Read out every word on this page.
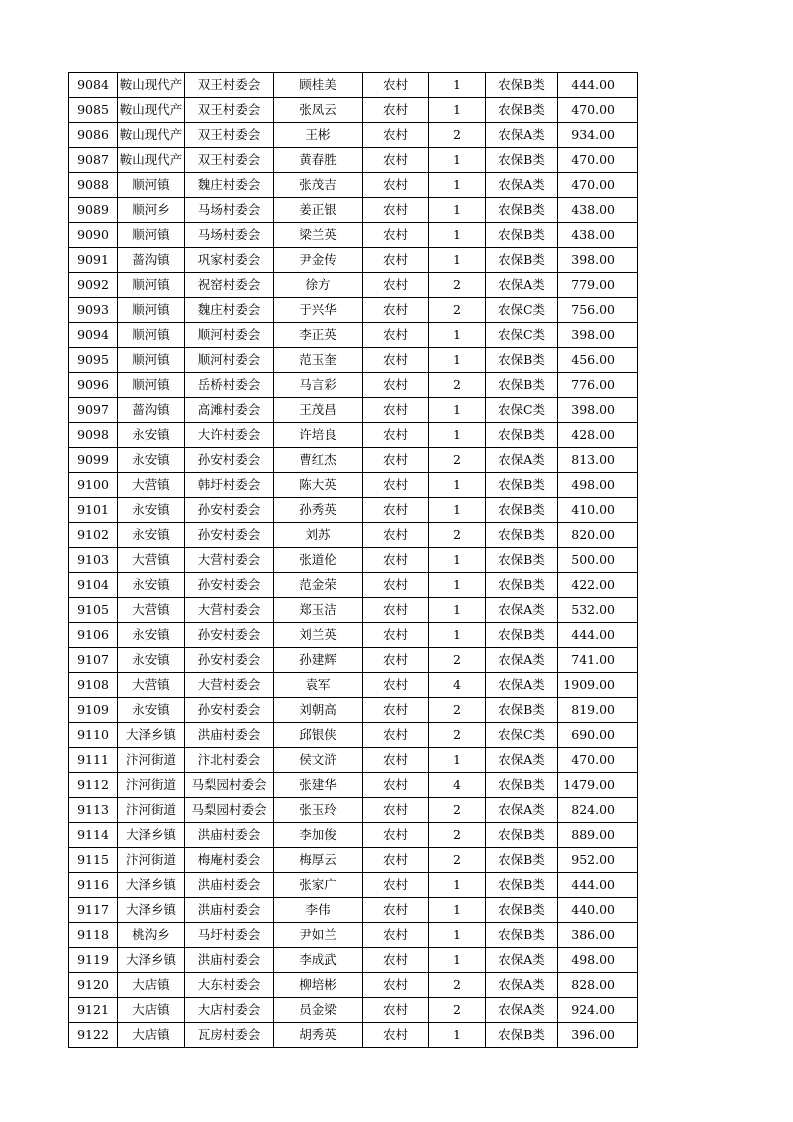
9084	鞍山现代产	双王村委会	顾桂美	农村	1	农保B类	444.00
9085	鞍山现代产	双王村委会	张凤云	农村	1	农保B类	470.00
9086	鞍山现代产	双王村委会	王彬	农村	2	农保A类	934.00
9087	鞍山现代产	双王村委会	黄春胜	农村	1	农保B类	470.00
9088	顺河镇	魏庄村委会	张茂吉	农村	1	农保A类	470.00
9089	顺河乡	马场村委会	姜正银	农村	1	农保B类	438.00
9090	顺河镇	马场村委会	梁兰英	农村	1	农保B类	438.00
9091	蔷沟镇	巩家村委会	尹金传	农村	1	农保B类	398.00
9092	顺河镇	祝窑村委会	徐方	农村	2	农保A类	779.00
9093	顺河镇	魏庄村委会	于兴华	农村	2	农保C类	756.00
9094	顺河镇	顺河村委会	李正英	农村	1	农保C类	398.00
9095	顺河镇	顺河村委会	范玉奎	农村	1	农保B类	456.00
9096	顺河镇	岳桥村委会	马言彩	农村	2	农保B类	776.00
9097	蔷沟镇	高滩村委会	王茂昌	农村	1	农保C类	398.00
9098	永安镇	大许村委会	许培良	农村	1	农保B类	428.00
9099	永安镇	孙安村委会	曹红杰	农村	2	农保A类	813.00
9100	大营镇	韩圩村委会	陈大英	农村	1	农保B类	498.00
9101	永安镇	孙安村委会	孙秀英	农村	1	农保B类	410.00
9102	永安镇	孙安村委会	刘苏	农村	2	农保B类	820.00
9103	大营镇	大营村委会	张道伦	农村	1	农保B类	500.00
9104	永安镇	孙安村委会	范金荣	农村	1	农保B类	422.00
9105	大营镇	大营村委会	郑玉洁	农村	1	农保A类	532.00
9106	永安镇	孙安村委会	刘兰英	农村	1	农保B类	444.00
9107	永安镇	孙安村委会	孙建辉	农村	2	农保A类	741.00
9108	大营镇	大营村委会	袁军	农村	4	农保A类	1909.00
9109	永安镇	孙安村委会	刘朝高	农村	2	农保B类	819.00
9110	大泽乡镇	洪庙村委会	邱银侠	农村	2	农保C类	690.00
9111	汴河街道	汴北村委会	侯文浒	农村	1	农保A类	470.00
9112	汴河街道	马梨园村委会	张建华	农村	4	农保B类	1479.00
9113	汴河街道	马梨园村委会	张玉玲	农村	2	农保A类	824.00
9114	大泽乡镇	洪庙村委会	李加俊	农村	2	农保B类	889.00
9115	汴河街道	梅庵村委会	梅厚云	农村	2	农保B类	952.00
9116	大泽乡镇	洪庙村委会	张家广	农村	1	农保B类	444.00
9117	大泽乡镇	洪庙村委会	李伟	农村	1	农保B类	440.00
9118	桃沟乡	马圩村委会	尹如兰	农村	1	农保B类	386.00
9119	大泽乡镇	洪庙村委会	李成武	农村	1	农保A类	498.00
9120	大店镇	大东村委会	柳培彬	农村	2	农保A类	828.00
9121	大店镇	大店村委会	员金梁	农村	2	农保A类	924.00
9122	大店镇	瓦房村委会	胡秀英	农村	1	农保B类	396.00
